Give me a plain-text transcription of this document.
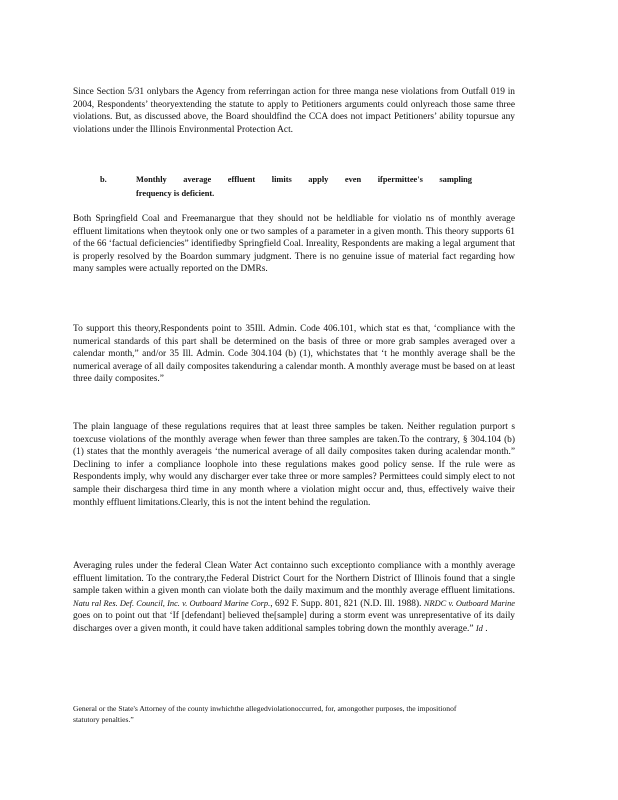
Since Section 5/31 onlybars the Agency from referringan action for three manga nese violations from Outfall 019 in 2004, Respondents’ theoryextending the statute to apply to Petitioners arguments could onlyreach those same three violations. But, as discussed above, the Board shouldfind the CCA does not impact Petitioners’ ability topursue any violations under the Illinois Environmental Protection Act.

b.	Monthly average effluent limits apply even ifpermittee's sampling
frequency is deficient.

Both Springfield Coal and Freemanargue that they should not be heldliable for violatio ns of monthly average effluent limitations when theytook only one or two samples of a parameter in a given month. This theory supports 61 of the 66 ‘factual deficiencies” identifiedby Springfield Coal. Inreality, Respondents are making a legal argument that is properly resolved by the Boardon summary judgment. There is no genuine issue of material fact regarding how many samples were actually reported on the DMRs.

To support this theory,Respondents point to 35Ill. Admin. Code 406.101, which stat es that, ‘compliance with the numerical standards of this part shall be determined on the basis of three or more grab samples averaged over a calendar month,” and/or 35 Ill. Admin. Code 304.104 (b) (1), whichstates that ‘t he monthly average shall be the numerical average of all daily composites takenduring a calendar month. A monthly average must be based on at least three daily composites.”

The plain language of these regulations requires that at least three samples be taken. Neither regulation purport s toexcuse violations of the monthly average when fewer than three samples are taken.To the contrary, § 304.104 (b) (1) states that the monthly averageis ‘the numerical average of all daily composites taken during acalendar month.” Declining to infer a compliance loophole into these regulations makes good policy sense. If the rule were as Respondents imply, why would any discharger ever take three or more samples? Permittees could simply elect to not sample their dischargesa third time in any month where a violation might occur and, thus, effectively waive their monthly effluent limitations.Clearly, this is not the intent behind the regulation.

Averaging rules under the federal Clean Water Act containno such exceptionto compliance with a monthly average effluent limitation. To the contrary,the Federal District Court for the Northern District of Illinois found that a single sample taken within a given month can violate both the daily maximum and the monthly average effluent limitations. Natu ral Res. Def. Council, Inc. v. Outboard Marine Corp., 692 F. Supp. 801, 821 (N.D. Ill. 1988). NRDC v. Outboard Marine goes on to point out that ‘If [defendant] believed the[sample] during a storm event was unrepresentative of its daily discharges over a given month, it could have taken additional samples tobring down the monthly average.” Id .

General or the State's Attorney of the county inwhichthe allegedviolationoccurred, for, amongother purposes, the impositionof statutory penalties.”
